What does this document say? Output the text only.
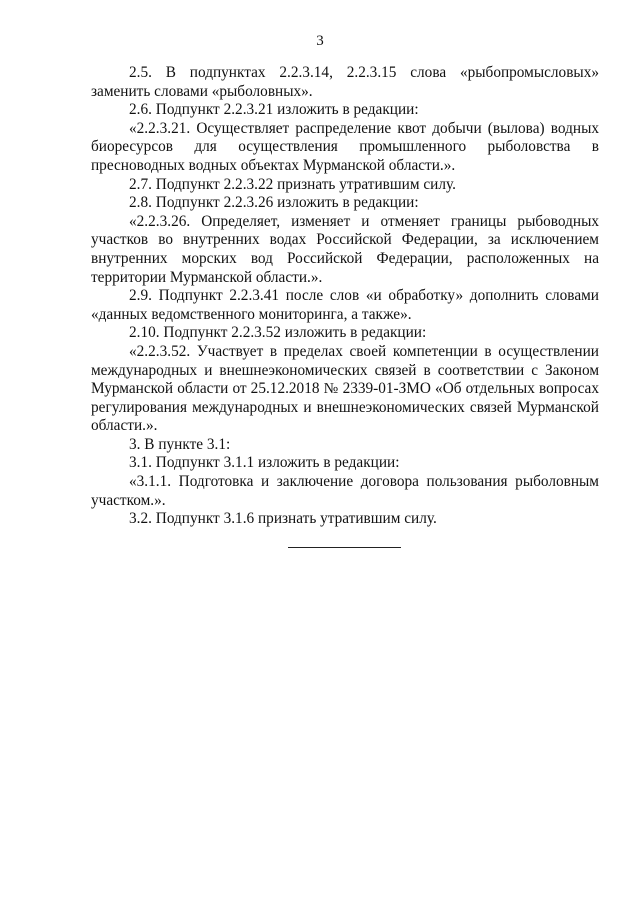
3

2.5. В подпунктах 2.2.3.14, 2.2.3.15 слова «рыбопромысловых» заменить словами «рыболовных».

2.6. Подпункт 2.2.3.21 изложить в редакции:

«2.2.3.21. Осуществляет распределение квот добычи (вылова) водных биоресурсов для осуществления промышленного рыболовства в пресноводных водных объектах Мурманской области.».

2.7. Подпункт 2.2.3.22 признать утратившим силу.

2.8. Подпункт 2.2.3.26 изложить в редакции:

«2.2.3.26. Определяет, изменяет и отменяет границы рыбоводных участков во внутренних водах Российской Федерации, за исключением внутренних морских вод Российской Федерации, расположенных на территории Мурманской области.».

2.9. Подпункт 2.2.3.41 после слов «и обработку» дополнить словами «данных ведомственного мониторинга, а также».

2.10. Подпункт 2.2.3.52 изложить в редакции:

«2.2.3.52. Участвует в пределах своей компетенции в осуществлении международных и внешнеэкономических связей в соответствии с Законом Мурманской области от 25.12.2018 № 2339-01-ЗМО «Об отдельных вопросах регулирования международных и внешнеэкономических связей Мурманской области.».

3. В пункте 3.1:

3.1. Подпункт 3.1.1 изложить в редакции:

«3.1.1. Подготовка и заключение договора пользования рыболовным участком.».

3.2. Подпункт 3.1.6 признать утратившим силу.
